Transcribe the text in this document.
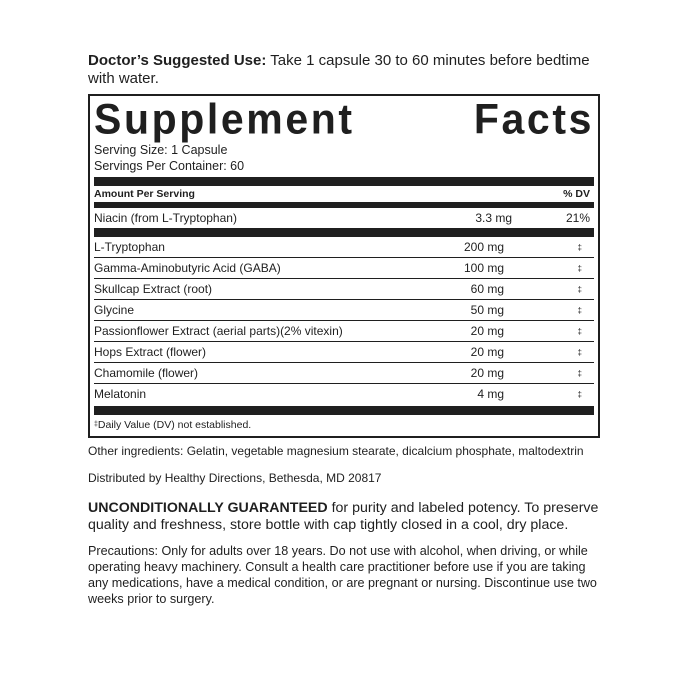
Doctor’s Suggested Use: Take 1 capsule 30 to 60 minutes before bedtime with water.
Supplement	Facts
Serving Size: 1 Capsule
Servings Per Container: 60
Amount Per Serving	% DV
Niacin (from L-Tryptophan)	3.3 mg	21%
L-Tryptophan	200 mg	‡
Gamma-Aminobutyric Acid (GABA)	100 mg	‡
Skullcap Extract (root)	60 mg	‡
Glycine	50 mg	‡
Passionflower Extract (aerial parts)(2% vitexin)	20 mg	‡
Hops Extract (flower)	20 mg	‡
Chamomile (flower)	20 mg	‡
Melatonin	4 mg	‡
‡Daily Value (DV) not established.
Other ingredients: Gelatin, vegetable magnesium stearate, dicalcium phosphate, maltodextrin
Distributed by Healthy Directions, Bethesda, MD 20817
UNCONDITIONALLY GUARANTEED for purity and labeled potency. To preserve quality and freshness, store bottle with cap tightly closed in a cool, dry place.
Precautions: Only for adults over 18 years. Do not use with alcohol, when driving, or while operating heavy machinery. Consult a health care practitioner before use if you are taking any medications, have a medical condition, or are pregnant or nursing. Discontinue use two weeks prior to surgery.
